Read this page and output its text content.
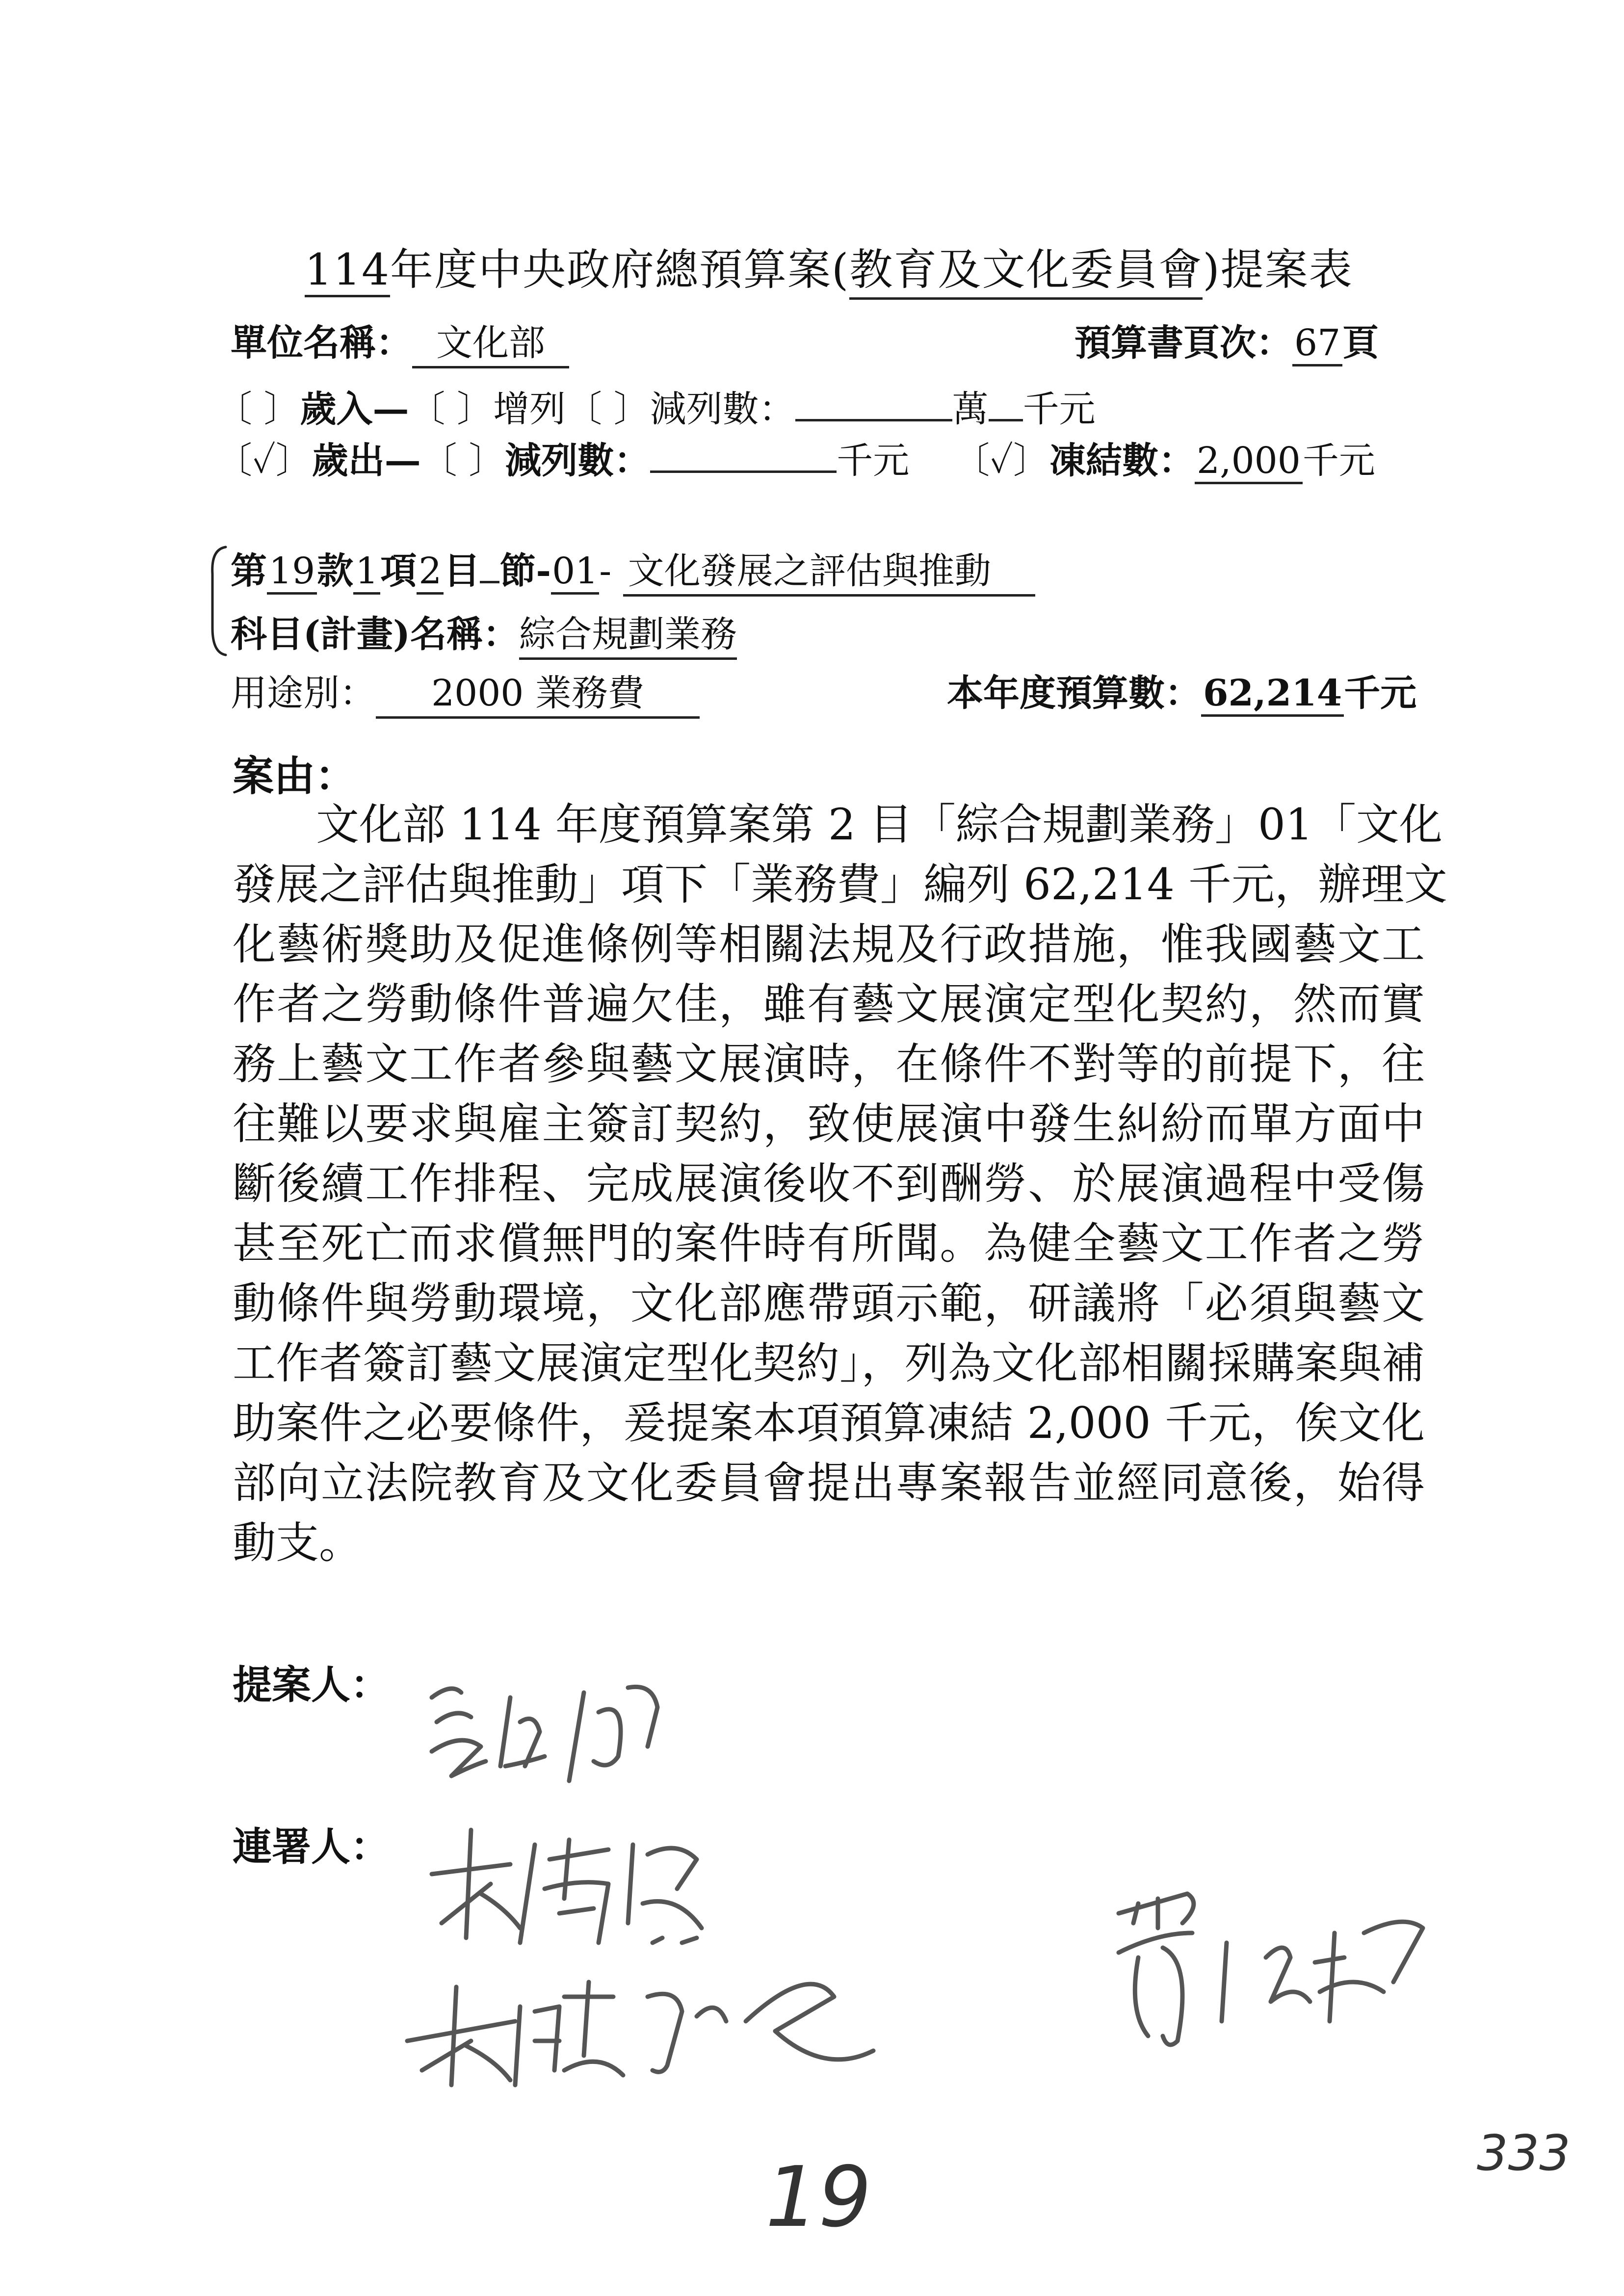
114年度中央政府總預算案(教育及文化委員會)提案表
單位名稱： 文化部	預算書頁次：67頁
〔 〕歲入—〔 〕增列〔 〕減列數：	萬 千元
〔✓〕歲出—〔 〕減列數：	千元 〔✓〕凍結數：2,000千元
第19款1項2目 節-01- 文化發展之評估與推動
科目(計畫)名稱：綜合規劃業務
用途別： 2000 業務費	本年度預算數：62,214千元
案由：
文化部 114 年度預算案第 2 目「綜合規劃業務」01「文化
發展之評估與推動」項下「業務費」編列 62,214 千元，辦理文
化藝術獎助及促進條例等相關法規及行政措施，惟我國藝文工
作者之勞動條件普遍欠佳，雖有藝文展演定型化契約，然而實
務上藝文工作者參與藝文展演時，在條件不對等的前提下，往
往難以要求與雇主簽訂契約，致使展演中發生糾紛而單方面中
斷後續工作排程、完成展演後收不到酬勞、於展演過程中受傷
甚至死亡而求償無門的案件時有所聞。為健全藝文工作者之勞
動條件與勞動環境，文化部應帶頭示範，研議將「必須與藝文
工作者簽訂藝文展演定型化契約」，列為文化部相關採購案與補
助案件之必要條件，爰提案本項預算凍結 2,000 千元，俟文化
部向立法院教育及文化委員會提出專案報告並經同意後，始得
動支。
提案人：
連署人：
19	333
